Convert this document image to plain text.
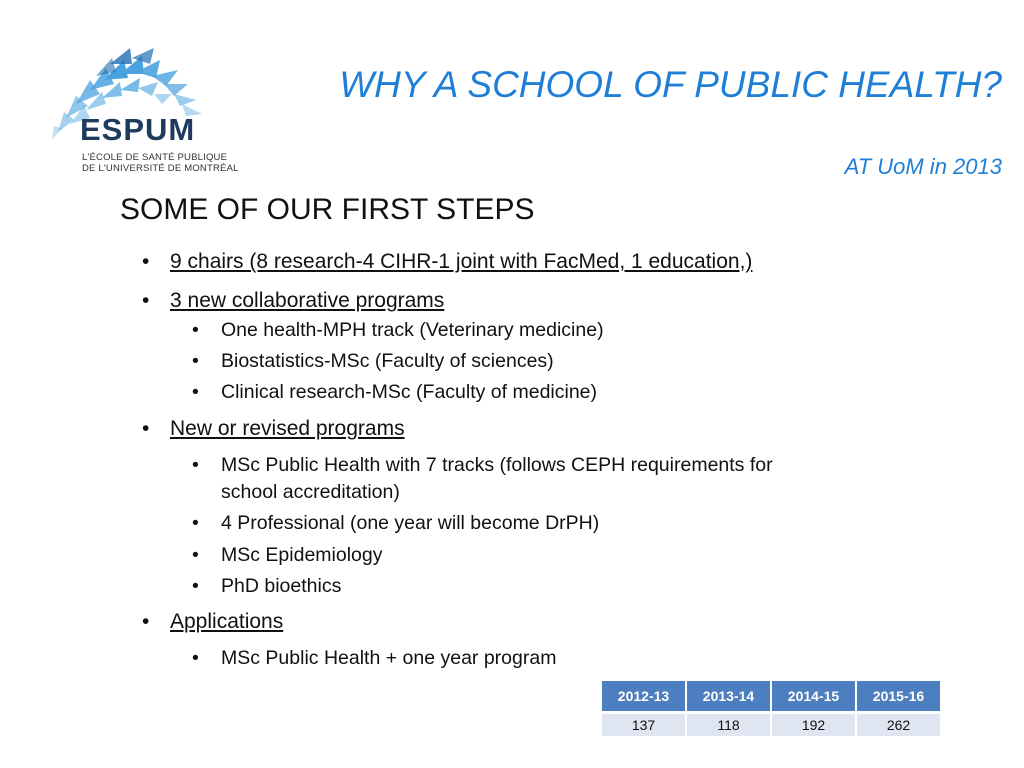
ESPUM
L'ÉCOLE DE SANTÉ PUBLIQUE
DE L'UNIVERSITÉ DE MONTRÉAL
WHY A SCHOOL OF PUBLIC HEALTH?
AT UoM in 2013
SOME OF OUR FIRST STEPS
• 9 chairs (8 research-4 CIHR-1 joint with FacMed, 1 education,)
• 3 new collaborative programs
• One health-MPH track (Veterinary medicine)
• Biostatistics-MSc (Faculty of sciences)
• Clinical research-MSc (Faculty of medicine)
• New or revised programs
• MSc Public Health with 7 tracks (follows CEPH requirements for
school accreditation)
• 4 Professional (one year will become DrPH)
• MSc Epidemiology
• PhD bioethics
• Applications
• MSc Public Health + one year program
2012-13	2013-14	2014-15	2015-16
137	118	192	262
